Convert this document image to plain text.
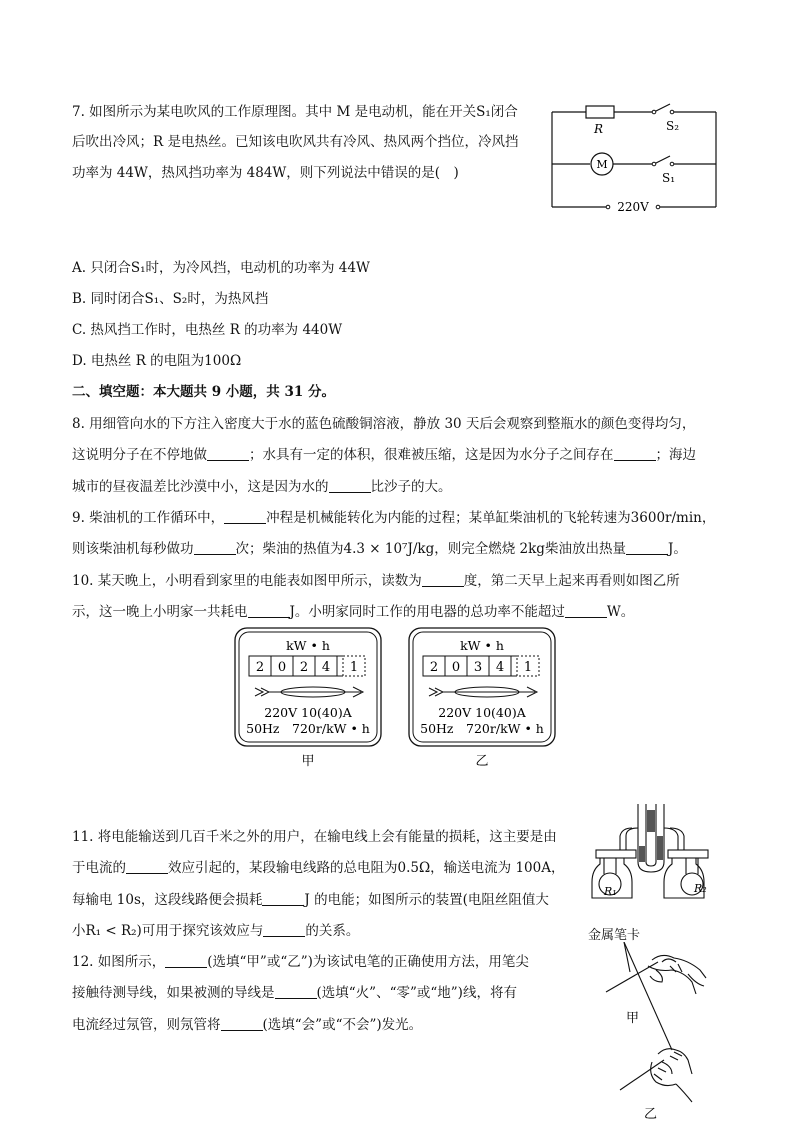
7. 如图所示为某电吹风的工作原理图。其中 M 是电动机，能在开关S₁闭合
后吹出冷风；R 是电热丝。已知该电吹风共有冷风、热风两个挡位，冷风挡
功率为 44W，热风挡功率为 484W，则下列说法中错误的是(　)
R	S₂
M
S₁
220V
A. 只闭合S₁时，为冷风挡，电动机的功率为 44W
B. 同时闭合S₁、S₂时，为热风挡
C. 热风挡工作时，电热丝 R 的功率为 440W
D. 电热丝 R 的电阻为100Ω
二、填空题：本大题共 9 小题，共 31 分。
8. 用细管向水的下方注入密度大于水的蓝色硫酸铜溶液，静放 30 天后会观察到整瓶水的颜色变得均匀，
这说明分子在不停地做	；水具有一定的体积，很难被压缩，这是因为水分子之间存在	；海边
城市的昼夜温差比沙漠中小，这是因为水的	比沙子的大。
9. 柴油机的工作循环中，	冲程是机械能转化为内能的过程；某单缸柴油机的飞轮转速为3600r/min，
则该柴油机每秒做功	次；柴油的热值为4.3 × 10⁷J/kg，则完全燃烧 2kg柴油放出热量	J。
10. 某天晚上，小明看到家里的电能表如图甲所示，读数为	度，第二天早上起来再看则如图乙所
示，这一晚上小明家一共耗电	J。小明家同时工作的用电器的总功率不能超过	W。
kW • h
2 0 2 4 1
220V 10(40)A
50Hz　720r/kW • h
甲
kW • h
2 0 3 4 1
220V 10(40)A
50Hz　720r/kW • h
乙
11. 将电能输送到几百千米之外的用户，在输电线上会有能量的损耗，这主要是由
于电流的	效应引起的，某段输电线路的总电阻为0.5Ω，输送电流为 100A，
每输电 10s，这段线路便会损耗	J 的电能；如图所示的装置(电阻丝阻值大
小R₁ < R₂)可用于探究该效应与	的关系。
R₁	R₂
金属笔卡
12. 如图所示，	(选填“甲”或“乙”)为该试电笔的正确使用方法，用笔尖
接触待测导线，如果被测的导线是	(选填“火”、“零”或“地”)线，将有
电流经过氖管，则氖管将	(选填“会”或“不会”)发光。	甲
乙
